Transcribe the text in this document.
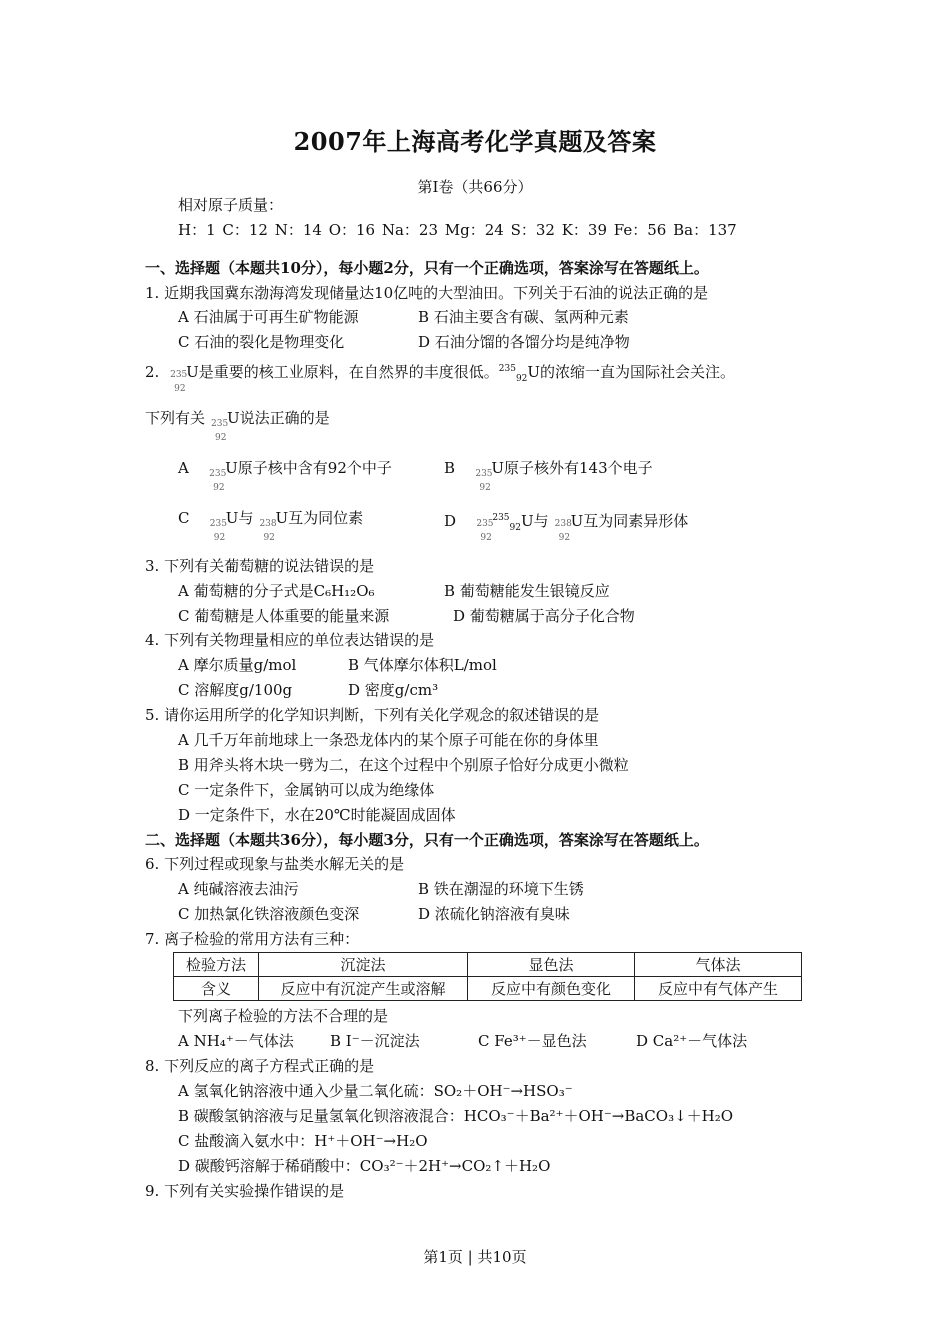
2007年上海高考化学真题及答案
第Ⅰ卷（共66分）
相对原子质量：
H：1 C：12 N：14 O：16 Na：23 Mg：24 S：32 K：39 Fe：56 Ba：137
一、选择题（本题共10分），每小题2分，只有一个正确选项，答案涂写在答题纸上。
1. 近期我国冀东渤海湾发现储量达10亿吨的大型油田。下列关于石油的说法正确的是
A 石油属于可再生矿物能源	B 石油主要含有碳、氢两种元素
C 石油的裂化是物理变化	D 石油分馏的各馏分均是纯净物
2. 235
92
U是重要的核工业原料，在自然界的丰度很低。$^{235}_{92}$U的浓缩一直为国际社会关注。
下列有关 235
92
U说法正确的是
A 235
92
U原子核中含有92个中子	B 235
92
U原子核外有143个电子
C 235
92
U与 238
92
U互为同位素	D 235
92
$^{235}_{92}$U与 238
92
U互为同素异形体
3. 下列有关葡萄糖的说法错误的是
A 葡萄糖的分子式是C₆H₁₂O₆	B 葡萄糖能发生银镜反应
C 葡萄糖是人体重要的能量来源	D 葡萄糖属于高分子化合物
4. 下列有关物理量相应的单位表达错误的是
A 摩尔质量g/mol	B 气体摩尔体积L/mol
C 溶解度g/100g	D 密度g/cm³
5. 请你运用所学的化学知识判断，下列有关化学观念的叙述错误的是
A 几千万年前地球上一条恐龙体内的某个原子可能在你的身体里
B 用斧头将木块一劈为二，在这个过程中个别原子恰好分成更小微粒
C 一定条件下，金属钠可以成为绝缘体
D 一定条件下，水在20℃时能凝固成固体
二、选择题（本题共36分），每小题3分，只有一个正确选项，答案涂写在答题纸上。
6. 下列过程或现象与盐类水解无关的是
A 纯碱溶液去油污	B 铁在潮湿的环境下生锈
C 加热氯化铁溶液颜色变深	D 浓硫化钠溶液有臭味
7. 离子检验的常用方法有三种：
检验方法	沉淀法	显色法	气体法
含义	反应中有沉淀产生或溶解	反应中有颜色变化	反应中有气体产生
下列离子检验的方法不合理的是
A NH₄⁺－气体法 B I⁻－沉淀法	C Fe³⁺－显色法	D Ca²⁺－气体法
8. 下列反应的离子方程式正确的是
A 氢氧化钠溶液中通入少量二氧化硫：SO₂＋OH⁻→HSO₃⁻
B 碳酸氢钠溶液与足量氢氧化钡溶液混合：HCO₃⁻＋Ba²⁺＋OH⁻→BaCO₃↓＋H₂O
C 盐酸滴入氨水中：H⁺＋OH⁻→H₂O
D 碳酸钙溶解于稀硝酸中：CO₃²⁻＋2H⁺→CO₂↑＋H₂O
9. 下列有关实验操作错误的是
第1页 | 共10页
